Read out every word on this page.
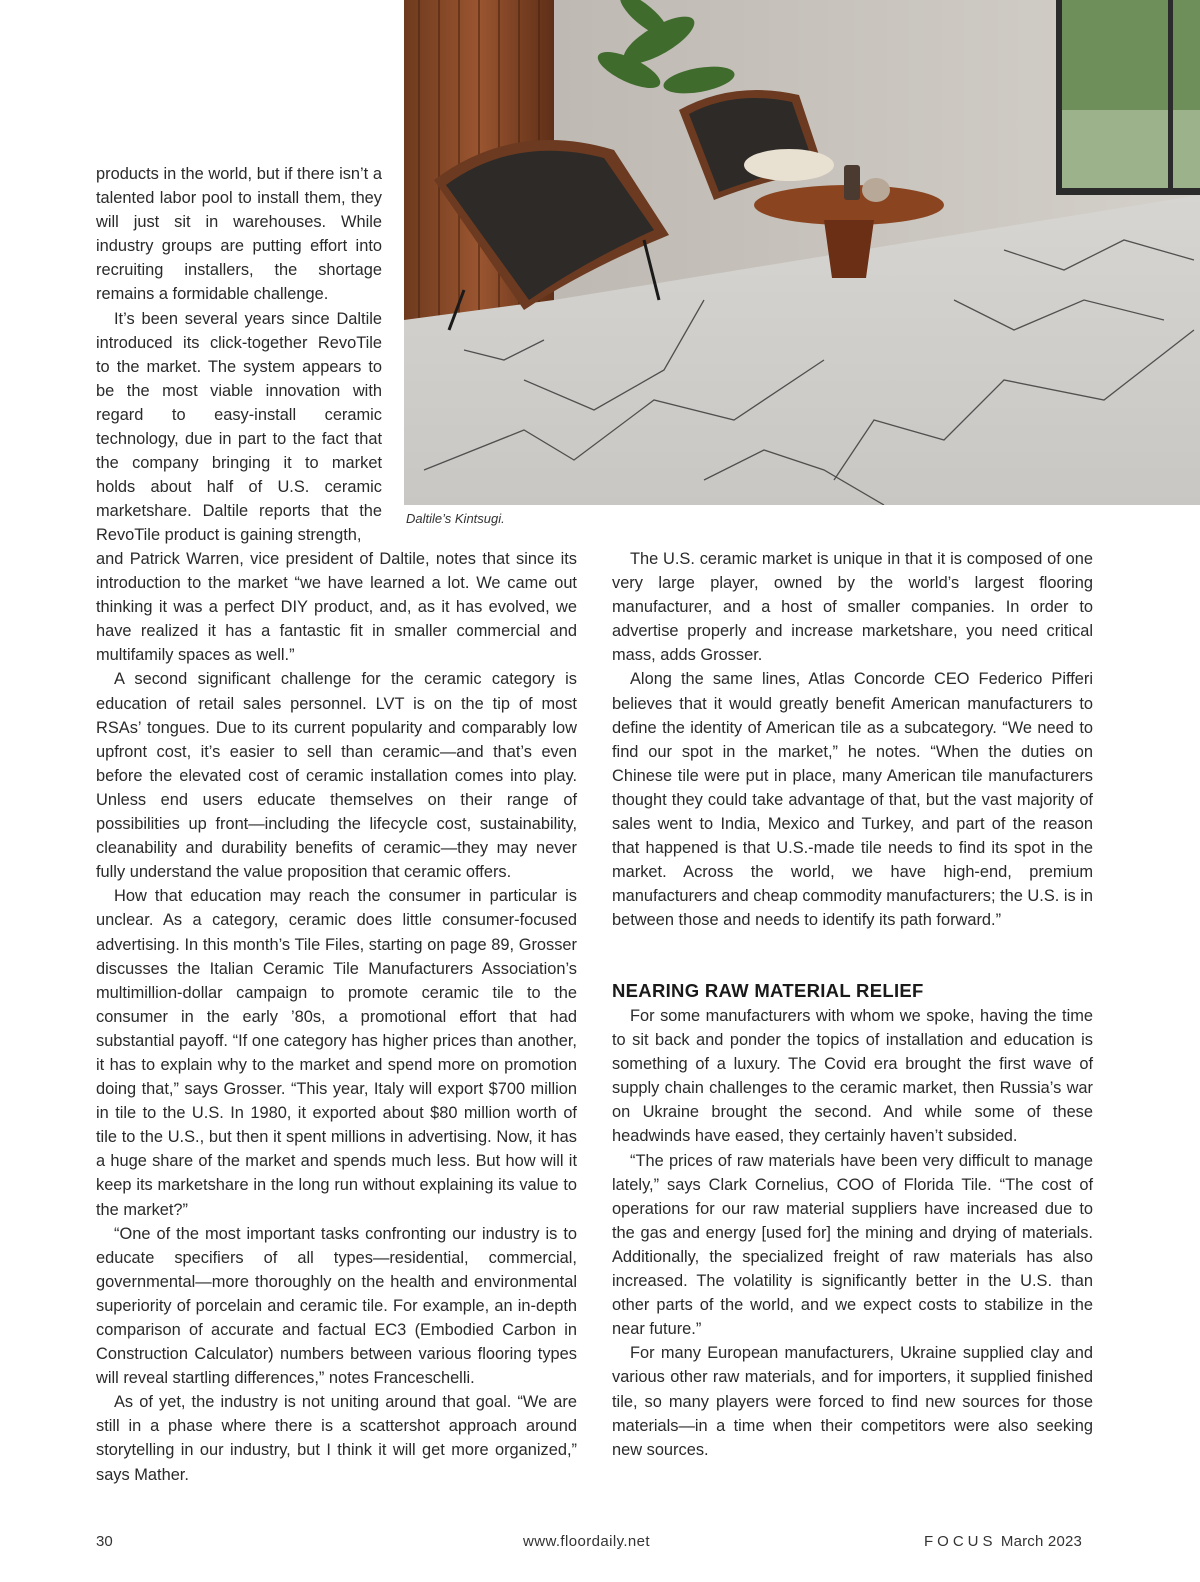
Daltile’s Kintsugi.

products in the world, but if there isn’t a talented labor pool to install them, they will just sit in warehouses. While industry groups are putting effort into recruiting installers, the shortage remains a formidable challenge.

It’s been several years since Daltile introduced its click-together RevoTile to the market. The system appears to be the most viable innovation with regard to easy-install ceramic technology, due in part to the fact that the company bringing it to market holds about half of U.S. ceramic marketshare. Daltile reports that the RevoTile product is gaining strength,

and Patrick Warren, vice president of Daltile, notes that since its introduction to the market “we have learned a lot. We came out thinking it was a perfect DIY product, and, as it has evolved, we have realized it has a fantastic fit in smaller commercial and multifamily spaces as well.”

A second significant challenge for the ceramic category is education of retail sales personnel. LVT is on the tip of most RSAs’ tongues. Due to its current popularity and comparably low upfront cost, it’s easier to sell than ceramic—and that’s even before the elevated cost of ceramic installation comes into play. Unless end users educate themselves on their range of possibilities up front—including the lifecycle cost, sustainability, cleanability and durability benefits of ceramic—they may never fully understand the value proposition that ceramic offers.

How that education may reach the consumer in particular is unclear. As a category, ceramic does little consumer-focused advertising. In this month’s Tile Files, starting on page 89, Grosser discusses the Italian Ceramic Tile Manufacturers Association’s multimillion-dollar campaign to promote ceramic tile to the consumer in the early ’80s, a promotional effort that had substantial payoff. “If one category has higher prices than another, it has to explain why to the market and spend more on promotion doing that,” says Grosser. “This year, Italy will export $700 million in tile to the U.S. In 1980, it exported about $80 million worth of tile to the U.S., but then it spent millions in advertising. Now, it has a huge share of the market and spends much less. But how will it keep its marketshare in the long run without explaining its value to the market?”

“One of the most important tasks confronting our industry is to educate specifiers of all types—residential, commercial, governmental—more thoroughly on the health and environmental superiority of porcelain and ceramic tile. For example, an in-depth comparison of accurate and factual EC3 (Embodied Carbon in Construction Calculator) numbers between various flooring types will reveal startling differences,” notes Franceschelli.

As of yet, the industry is not uniting around that goal. “We are still in a phase where there is a scattershot approach around storytelling in our industry, but I think it will get more organized,” says Mather.

The U.S. ceramic market is unique in that it is composed of one very large player, owned by the world’s largest flooring manufacturer, and a host of smaller companies. In order to advertise properly and increase marketshare, you need critical mass, adds Grosser.

Along the same lines, Atlas Concorde CEO Federico Pifferi believes that it would greatly benefit American manufacturers to define the identity of American tile as a subcategory. “We need to find our spot in the market,” he notes. “When the duties on Chinese tile were put in place, many American tile manufacturers thought they could take advantage of that, but the vast majority of sales went to India, Mexico and Turkey, and part of the reason that happened is that U.S.-made tile needs to find its spot in the market. Across the world, we have high-end, premium manufacturers and cheap commodity manufacturers; the U.S. is in between those and needs to identify its path forward.”

NEARING RAW MATERIAL RELIEF

For some manufacturers with whom we spoke, having the time to sit back and ponder the topics of installation and education is something of a luxury. The Covid era brought the first wave of supply chain challenges to the ceramic market, then Russia’s war on Ukraine brought the second. And while some of these headwinds have eased, they certainly haven’t subsided.

“The prices of raw materials have been very difficult to manage lately,” says Clark Cornelius, COO of Florida Tile. “The cost of operations for our raw material suppliers have increased due to the gas and energy [used for] the mining and drying of materials. Additionally, the specialized freight of raw materials has also increased. The volatility is significantly better in the U.S. than other parts of the world, and we expect costs to stabilize in the near future.”

For many European manufacturers, Ukraine supplied clay and various other raw materials, and for importers, it supplied finished tile, so many players were forced to find new sources for those materials—in a time when their competitors were also seeking new sources.

30	www.floordaily.net	FOCUS March 2023
